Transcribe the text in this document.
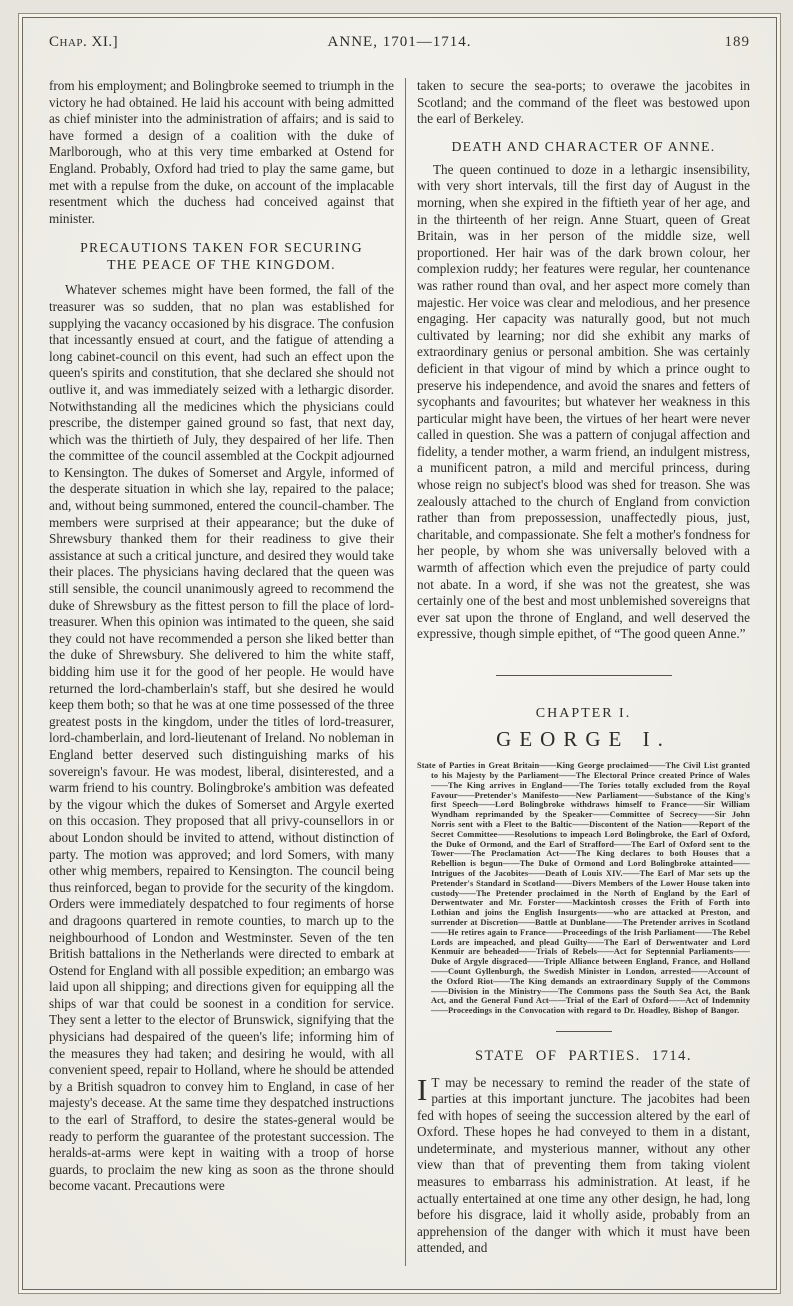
Chap. XI.]	ANNE, 1701—1714.	189

from his employment; and Bolingbroke seemed to triumph in the victory he had obtained. He laid his account with being admitted as chief minister into the administration of affairs; and is said to have formed a design of a coalition with the duke of Marlborough, who at this very time embarked at Ostend for England. Probably, Oxford had tried to play the same game, but met with a repulse from the duke, on account of the implacable resentment which the duchess had conceived against that minister.

PRECAUTIONS TAKEN FOR SECURING THE PEACE OF THE KINGDOM.

Whatever schemes might have been formed, the fall of the treasurer was so sudden, that no plan was established for supplying the vacancy occasioned by his disgrace. The confusion that incessantly ensued at court, and the fatigue of attending a long cabinet-council on this event, had such an effect upon the queen's spirits and constitution, that she declared she should not outlive it, and was immediately seized with a lethargic disorder. Notwithstanding all the medicines which the physicians could prescribe, the distemper gained ground so fast, that next day, which was the thirtieth of July, they despaired of her life. Then the committee of the council assembled at the Cockpit adjourned to Kensington. The dukes of Somerset and Argyle, informed of the desperate situation in which she lay, repaired to the palace; and, without being summoned, entered the council-chamber. The members were surprised at their appearance; but the duke of Shrewsbury thanked them for their readiness to give their assistance at such a critical juncture, and desired they would take their places. The physicians having declared that the queen was still sensible, the council unanimously agreed to recommend the duke of Shrewsbury as the fittest person to fill the place of lord-treasurer. When this opinion was intimated to the queen, she said they could not have recommended a person she liked better than the duke of Shrewsbury. She delivered to him the white staff, bidding him use it for the good of her people. He would have returned the lord-chamberlain's staff, but she desired he would keep them both; so that he was at one time possessed of the three greatest posts in the kingdom, under the titles of lord-treasurer, lord-chamberlain, and lord-lieutenant of Ireland. No nobleman in England better deserved such distinguishing marks of his sovereign's favour. He was modest, liberal, disinterested, and a warm friend to his country. Bolingbroke's ambition was defeated by the vigour which the dukes of Somerset and Argyle exerted on this occasion. They proposed that all privy-counsellors in or about London should be invited to attend, without distinction of party. The motion was approved; and lord Somers, with many other whig members, repaired to Kensington. The council being thus reinforced, began to provide for the security of the kingdom. Orders were immediately despatched to four regiments of horse and dragoons quartered in remote counties, to march up to the neighbourhood of London and Westminster. Seven of the ten British battalions in the Netherlands were directed to embark at Ostend for England with all possible expedition; an embargo was laid upon all shipping; and directions given for equipping all the ships of war that could be soonest in a condition for service. They sent a letter to the elector of Brunswick, signifying that the physicians had despaired of the queen's life; informing him of the measures they had taken; and desiring he would, with all convenient speed, repair to Holland, where he should be attended by a British squadron to convey him to England, in case of her majesty's decease. At the same time they despatched instructions to the earl of Strafford, to desire the states-general would be ready to perform the guarantee of the protestant succession. The heralds-at-arms were kept in waiting with a troop of horse guards, to proclaim the new king as soon as the throne should become vacant. Precautions were

taken to secure the sea-ports; to overawe the jacobites in Scotland; and the command of the fleet was bestowed upon the earl of Berkeley.

DEATH AND CHARACTER OF ANNE.

The queen continued to doze in a lethargic insensibility, with very short intervals, till the first day of August in the morning, when she expired in the fiftieth year of her age, and in the thirteenth of her reign. Anne Stuart, queen of Great Britain, was in her person of the middle size, well proportioned. Her hair was of the dark brown colour, her complexion ruddy; her features were regular, her countenance was rather round than oval, and her aspect more comely than majestic. Her voice was clear and melodious, and her presence engaging. Her capacity was naturally good, but not much cultivated by learning; nor did she exhibit any marks of extraordinary genius or personal ambition. She was certainly deficient in that vigour of mind by which a prince ought to preserve his independence, and avoid the snares and fetters of sycophants and favourites; but whatever her weakness in this particular might have been, the virtues of her heart were never called in question. She was a pattern of conjugal affection and fidelity, a tender mother, a warm friend, an indulgent mistress, a munificent patron, a mild and merciful princess, during whose reign no subject's blood was shed for treason. She was zealously attached to the church of England from conviction rather than from prepossession, unaffectedly pious, just, charitable, and compassionate. She felt a mother's fondness for her people, by whom she was universally beloved with a warmth of affection which even the prejudice of party could not abate. In a word, if she was not the greatest, she was certainly one of the best and most unblemished sovereigns that ever sat upon the throne of England, and well deserved the expressive, though simple epithet, of “The good queen Anne.”

CHAPTER I.
GEORGE I.
State of Parties in Great Britain——King George proclaimed——The Civil List granted to his Majesty by the Parliament——The Electoral Prince created Prince of Wales——The King arrives in England——The Tories totally excluded from the Royal Favour——Pretender's Manifesto——New Parliament——Substance of the King's first Speech——Lord Bolingbroke withdraws himself to France——Sir William Wyndham reprimanded by the Speaker——Committee of Secrecy——Sir John Norris sent with a Fleet to the Baltic——Discontent of the Nation——Report of the Secret Committee——Resolutions to impeach Lord Bolingbroke, the Earl of Oxford, the Duke of Ormond, and the Earl of Strafford——The Earl of Oxford sent to the Tower——The Proclamation Act——The King declares to both Houses that a Rebellion is begun——The Duke of Ormond and Lord Bolingbroke attainted——Intrigues of the Jacobites——Death of Louis XIV.——The Earl of Mar sets up the Pretender's Standard in Scotland——Divers Members of the Lower House taken into custody——The Pretender proclaimed in the North of England by the Earl of Derwentwater and Mr. Forster——Mackintosh crosses the Frith of Forth into Lothian and joins the English Insurgents——who are attacked at Preston, and surrender at Discretion——Battle at Dunblane——The Pretender arrives in Scotland——He retires again to France——Proceedings of the Irish Parliament——The Rebel Lords are impeached, and plead Guilty——The Earl of Derwentwater and Lord Kenmuir are beheaded——Trials of Rebels——Act for Septennial Parliaments——Duke of Argyle disgraced——Triple Alliance between England, France, and Holland——Count Gyllenburgh, the Swedish Minister in London, arrested——Account of the Oxford Riot——The King demands an extraordinary Supply of the Commons——Division in the Ministry——The Commons pass the South Sea Act, the Bank Act, and the General Fund Act——Trial of the Earl of Oxford——Act of Indemnity——Proceedings in the Convocation with regard to Dr. Hoadley, Bishop of Bangor.
STATE OF PARTIES. 1714.

I T may be necessary to remind the reader of the state of parties at this important juncture. The jacobites had been fed with hopes of seeing the succession altered by the earl of Oxford. These hopes he had conveyed to them in a distant, undeterminate, and mysterious manner, without any other view than that of preventing them from taking violent measures to embarrass his administration. At least, if he actually entertained at one time any other design, he had, long before his disgrace, laid it wholly aside, probably from an apprehension of the danger with which it must have been attended, and
